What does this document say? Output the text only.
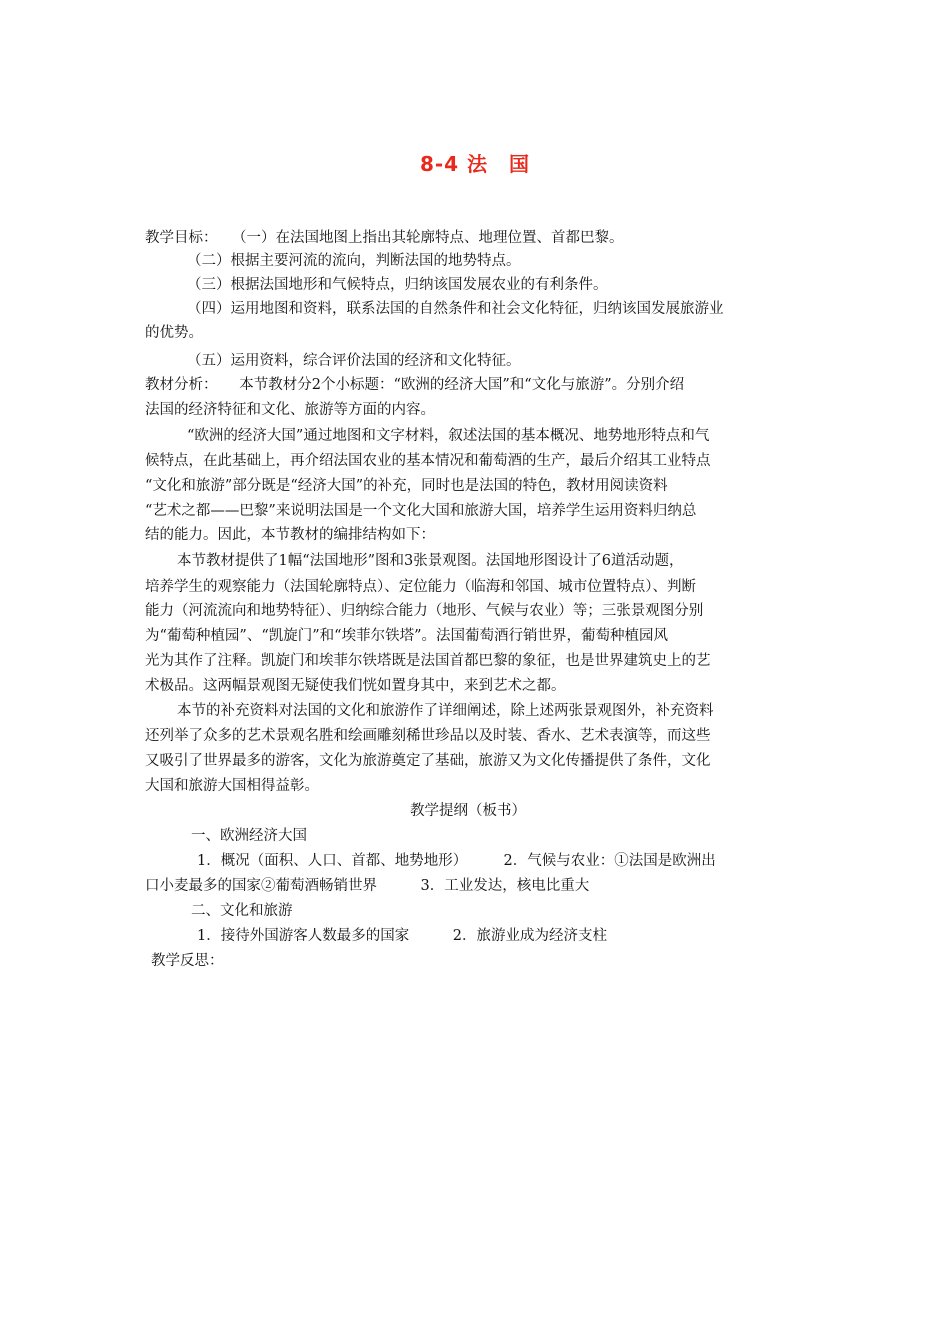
8-4 法　国
教学目标：　　（一）在法国地图上指出其轮廓特点、地理位置、首都巴黎。
（二）根据主要河流的流向，判断法国的地势特点。
（三）根据法国地形和气候特点，归纳该国发展农业的有利条件。
（四）运用地图和资料，联系法国的自然条件和社会文化特征，归纳该国发展旅游业
的优势。
（五）运用资料，综合评价法国的经济和文化特征。
教材分析：　　本节教材分2个小标题：“欧洲的经济大国”和“文化与旅游”。分别介绍
法国的经济特征和文化、旅游等方面的内容。
“欧洲的经济大国”通过地图和文字材料，叙述法国的基本概况、地势地形特点和气
候特点，在此基础上，再介绍法国农业的基本情况和葡萄酒的生产，最后介绍其工业特点
“文化和旅游”部分既是“经济大国”的补充，同时也是法国的特色，教材用阅读资料
“艺术之都——巴黎”来说明法国是一个文化大国和旅游大国，培养学生运用资料归纳总
结的能力。因此，本节教材的编排结构如下：
本节教材提供了1幅“法国地形”图和3张景观图。法国地形图设计了6道活动题，
培养学生的观察能力（法国轮廓特点）、定位能力（临海和邻国、城市位置特点）、判断
能力（河流流向和地势特征）、归纳综合能力（地形、气候与农业）等；三张景观图分别
为“葡萄种植园”、“凯旋门”和“埃菲尔铁塔”。法国葡萄酒行销世界，葡萄种植园风
光为其作了注释。凯旋门和埃菲尔铁塔既是法国首都巴黎的象征，也是世界建筑史上的艺
术极品。这两幅景观图无疑使我们恍如置身其中，来到艺术之都。
本节的补充资料对法国的文化和旅游作了详细阐述，除上述两张景观图外，补充资料
还列举了众多的艺术景观名胜和绘画雕刻稀世珍品以及时装、香水、艺术表演等，而这些
又吸引了世界最多的游客，文化为旅游奠定了基础，旅游又为文化传播提供了条件，文化
大国和旅游大国相得益彰。
教学提纲（板书）
一、欧洲经济大国
1．概况（面积、人口、首都、地势地形）　　　2．气候与农业：①法国是欧洲出
口小麦最多的国家②葡萄酒畅销世界　　　3．工业发达，核电比重大
二、文化和旅游
1．接待外国游客人数最多的国家　　　2．旅游业成为经济支柱
教学反思：
